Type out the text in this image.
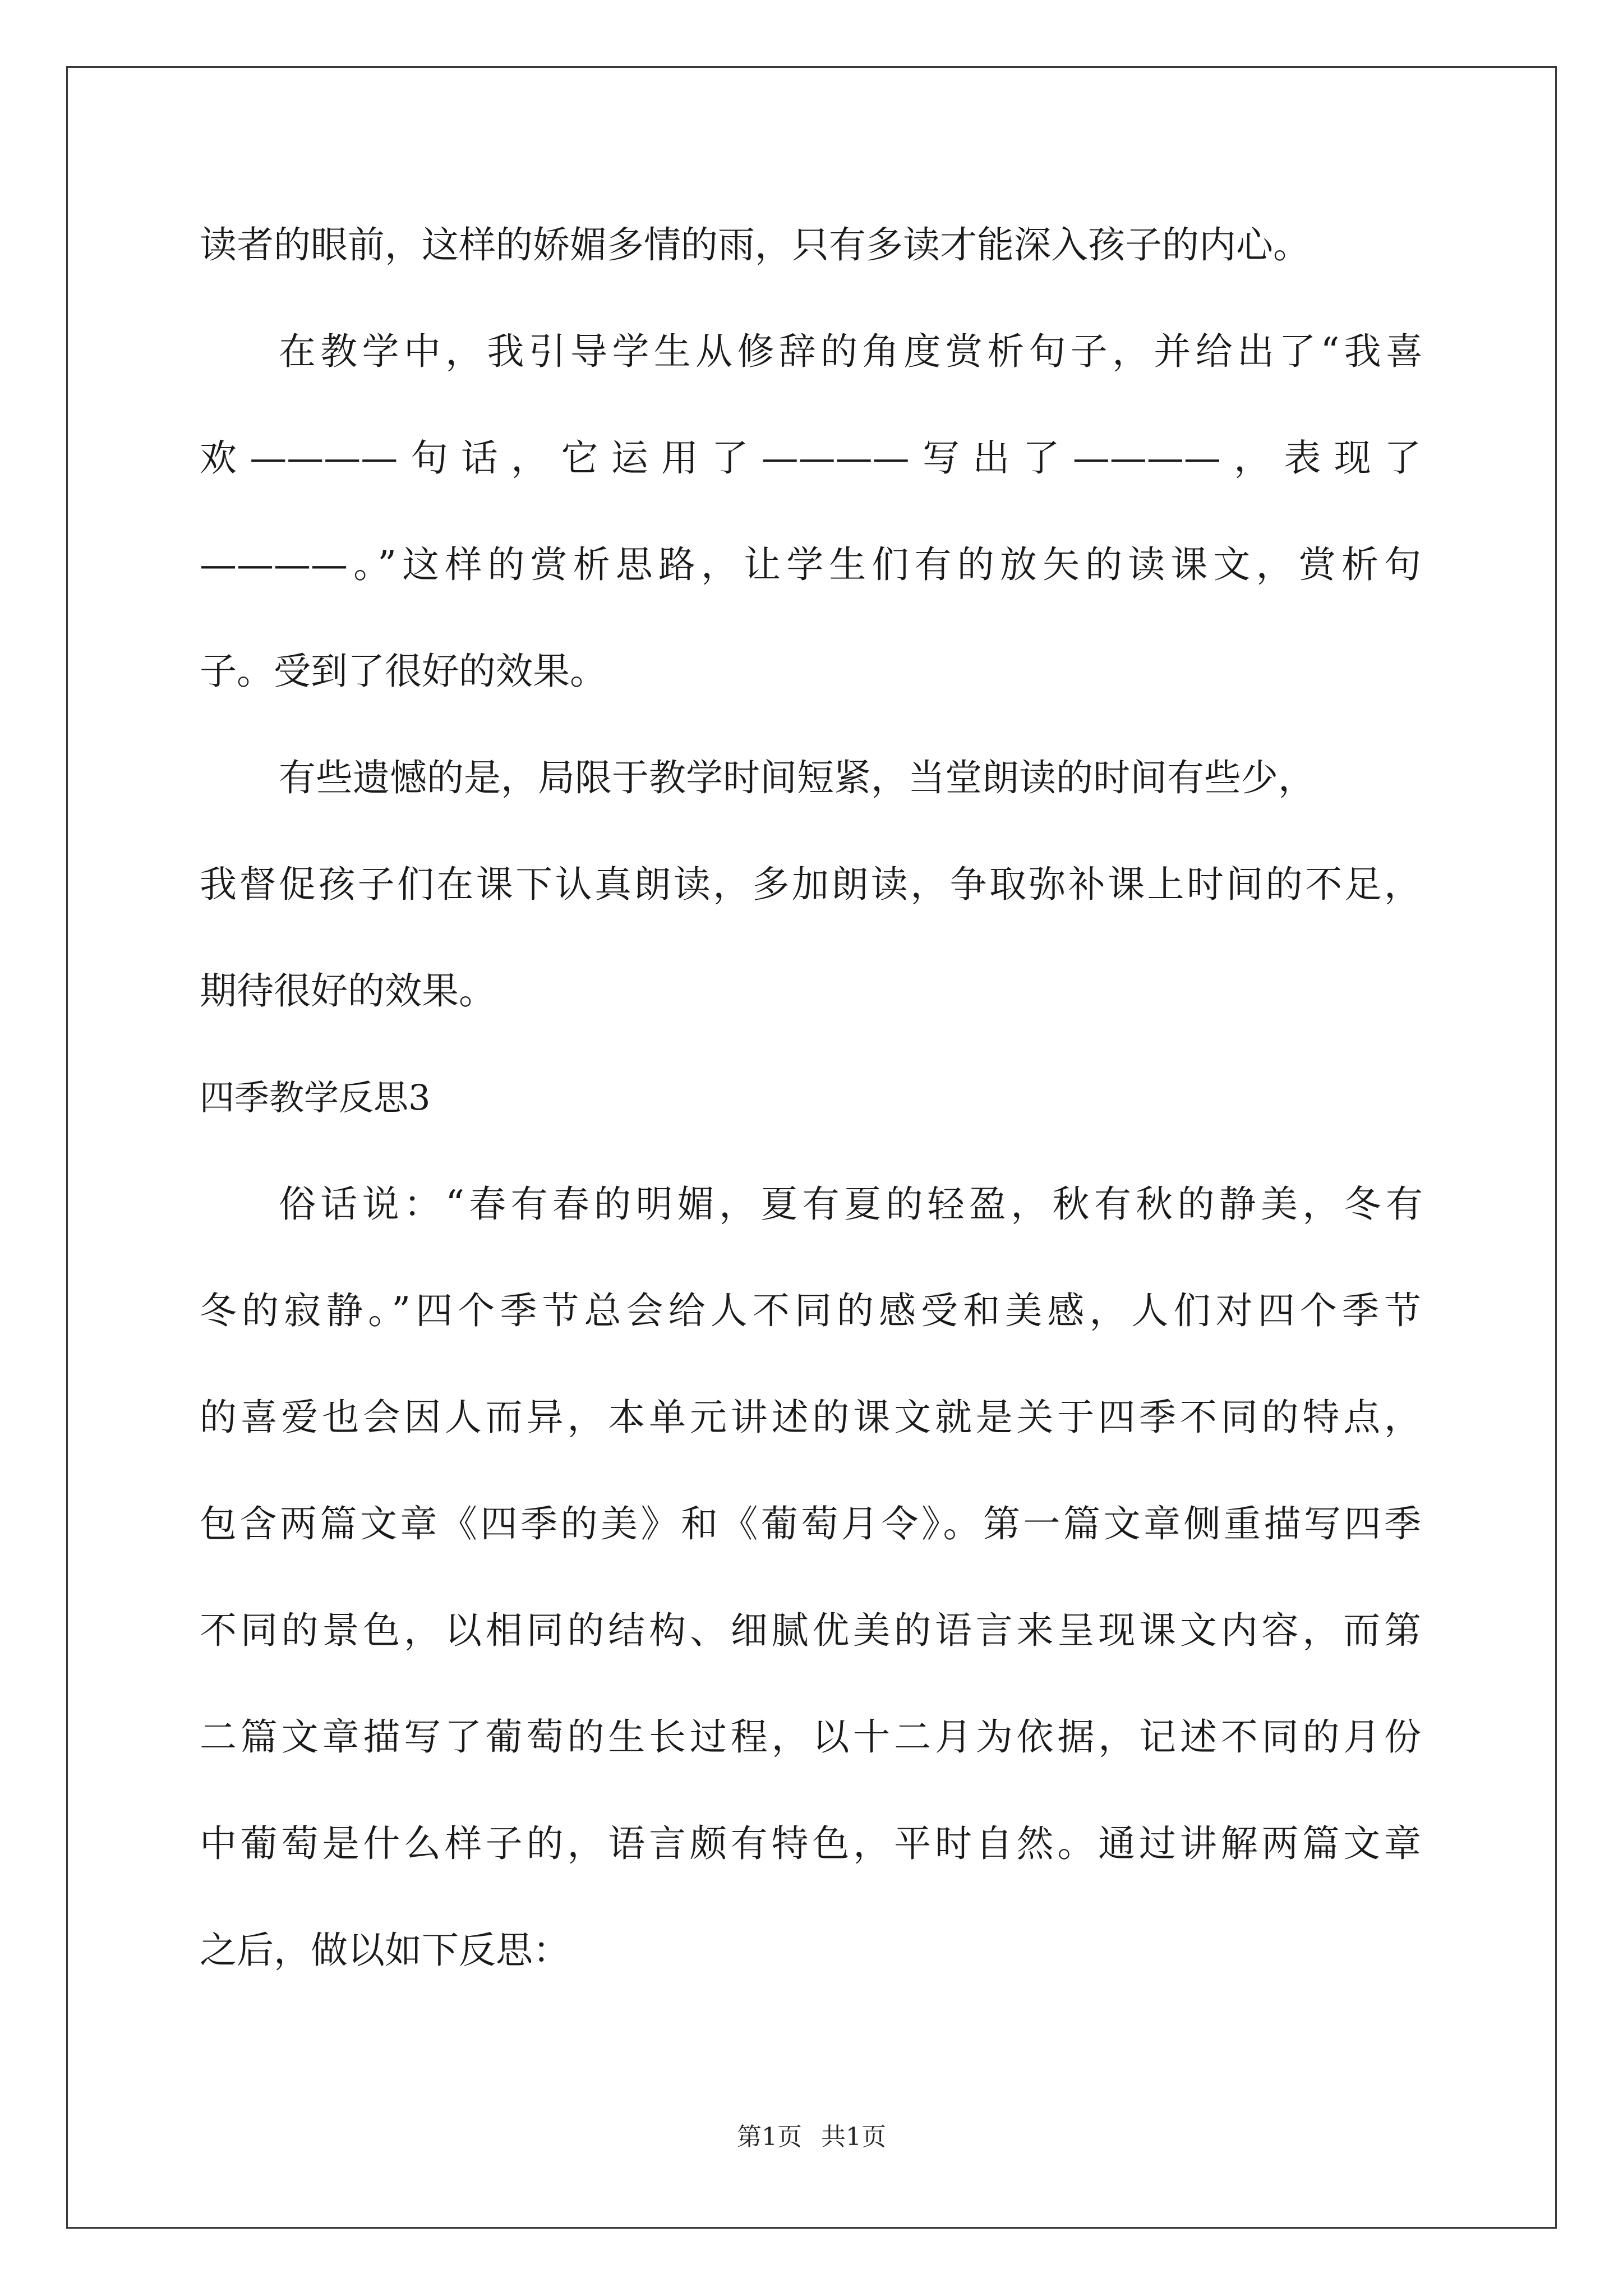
读者的眼前，这样的娇媚多情的雨，只有多读才能深入孩子的内心。
在教学中，我引导学生从修辞的角度赏析句子，并给出了“我喜
欢————句话，它运用了————写出了————，表现了
————。”这样的赏析思路，让学生们有的放矢的读课文，赏析句
子。受到了很好的效果。
有些遗憾的是，局限于教学时间短紧，当堂朗读的时间有些少，
我督促孩子们在课下认真朗读，多加朗读，争取弥补课上时间的不足，
期待很好的效果。
四季教学反思3
俗话说：“春有春的明媚，夏有夏的轻盈，秋有秋的静美，冬有
冬的寂静。”四个季节总会给人不同的感受和美感，人们对四个季节
的喜爱也会因人而异，本单元讲述的课文就是关于四季不同的特点，
包含两篇文章《四季的美》和《葡萄月令》。第一篇文章侧重描写四季
不同的景色，以相同的结构、细腻优美的语言来呈现课文内容，而第
二篇文章描写了葡萄的生长过程，以十二月为依据，记述不同的月份
中葡萄是什么样子的，语言颇有特色，平时自然。通过讲解两篇文章
之后，做以如下反思：
第1页 共1页
